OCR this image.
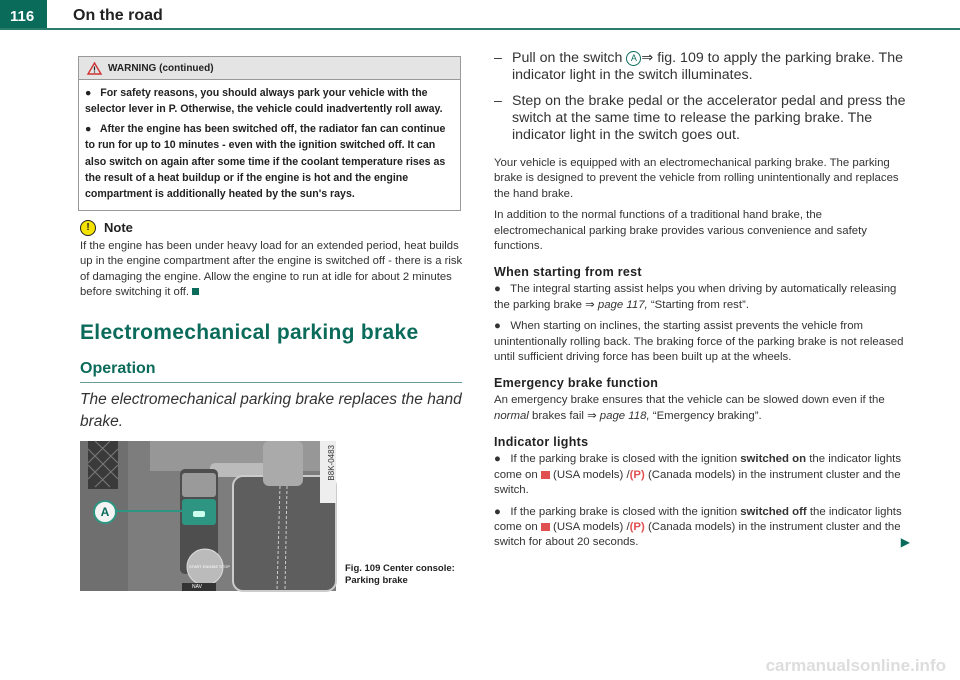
116	On the road
WARNING (continued)

●   For safety reasons, you should always park your vehicle with the selector lever in P. Otherwise, the vehicle could inadvertently roll away.

●   After the engine has been switched off, the radiator fan can continue to run for up to 10 minutes - even with the ignition switched off. It can also switch on again after some time if the coolant temperature rises as the result of a heat buildup or if the engine is hot and the engine compartment is additionally heated by the sun's rays.

!	Note
If the engine has been under heavy load for an extended period, heat builds up in the engine compartment after the engine is switched off - there is a risk of damaging the engine. Allow the engine to run at idle for about 2 minutes before switching it off.
Electromechanical parking brake
Operation
The electromechanical parking brake replaces the hand brake.
A
B8K-0483
START ENGINE STOP
NAV
Fig. 109 Center console: Parking brake
– Pull on the switch A ⇒ fig. 109 to apply the parking brake. The indicator light in the switch illuminates.
– Step on the brake pedal or the accelerator pedal and press the switch at the same time to release the parking brake. The indicator light in the switch goes out.

Your vehicle is equipped with an electromechanical parking brake. The parking brake is designed to prevent the vehicle from rolling unintentionally and replaces the hand brake.

In addition to the normal functions of a traditional hand brake, the electromechanical parking brake provides various convenience and safety functions.

When starting from rest

●   The integral starting assist helps you when driving by automatically releasing the parking brake ⇒ page 117, “Starting from rest”.

●   When starting on inclines, the starting assist prevents the vehicle from unintentionally rolling back. The braking force of the parking brake is not released until sufficient driving force has been built up at the wheels.

Emergency brake function

An emergency brake ensures that the vehicle can be slowed down even if the normal brakes fail ⇒ page 118, “Emergency braking”.

Indicator lights

●   If the parking brake is closed with the ignition switched on the indicator lights come on  (USA models) /(P) (Canada models) in the instrument cluster and the switch.

●   If the parking brake is closed with the ignition switched off the indicator lights come on  (USA models) /(P) (Canada models) in the instrument cluster and the switch for about 20 seconds.	▶

carmanualsonline.info
